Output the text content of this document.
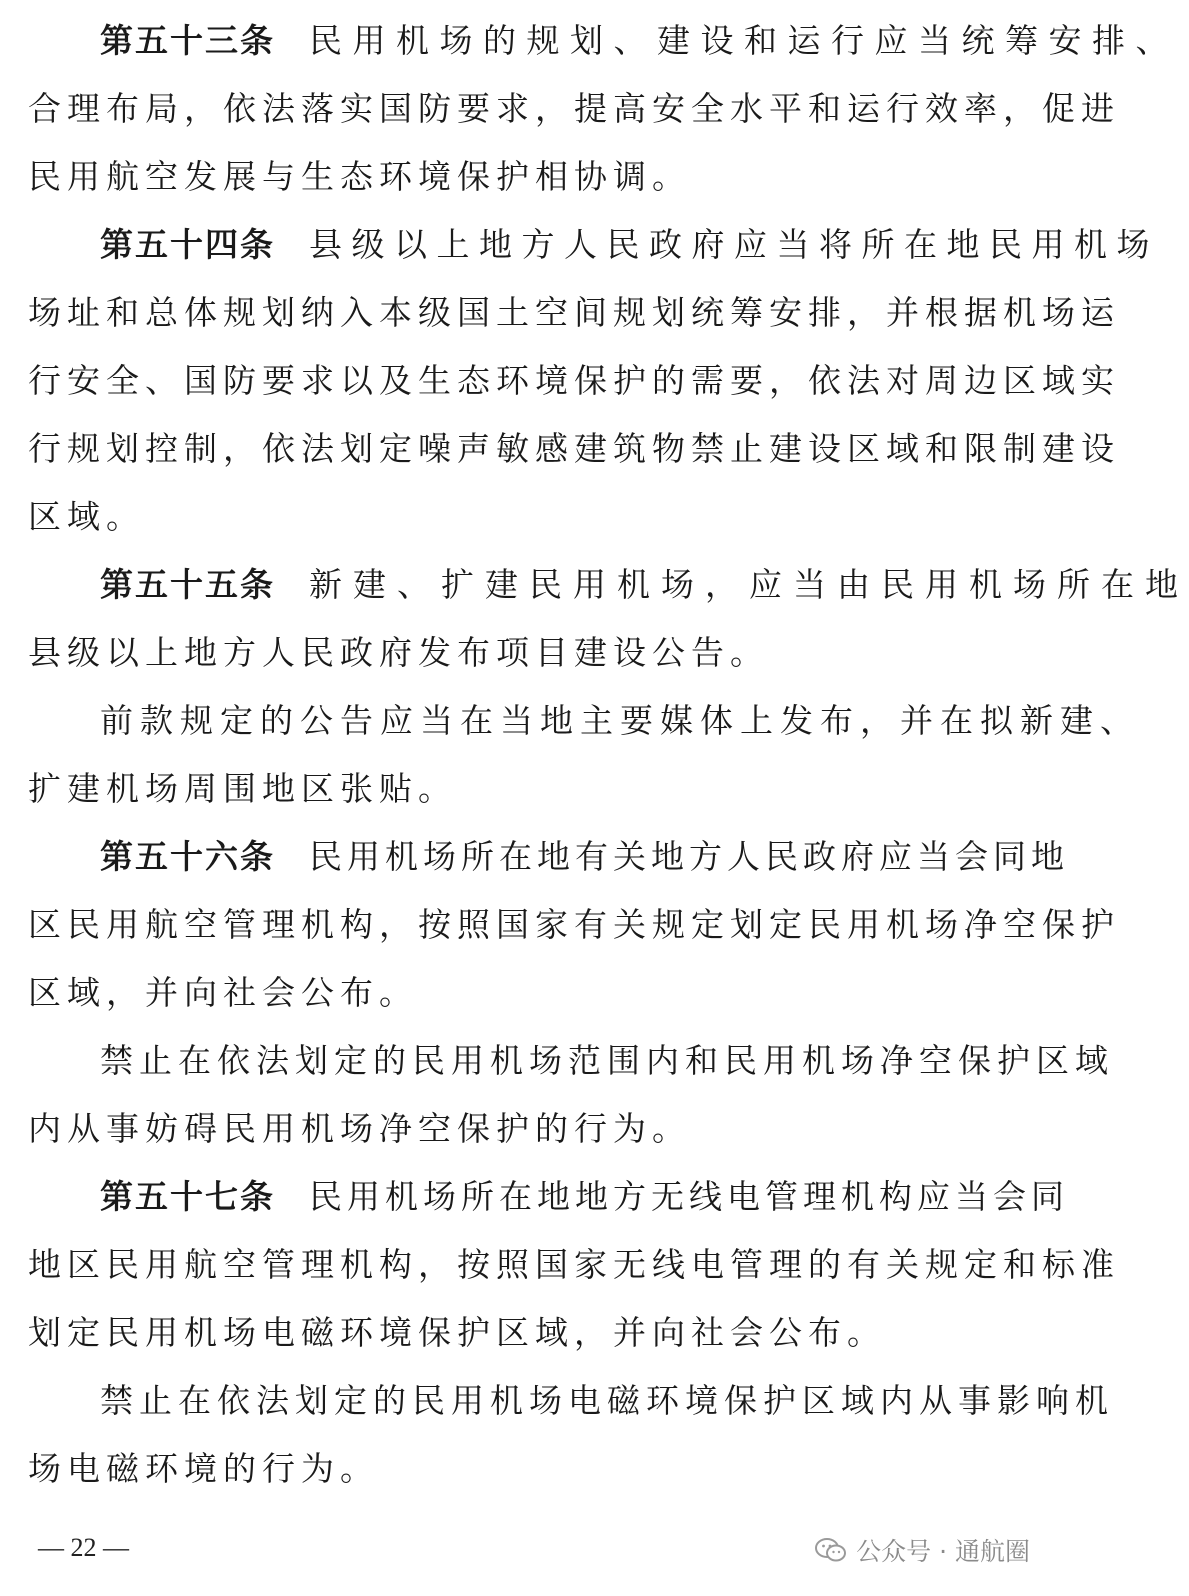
第五十三条 民用机场的规划、建设和运行应当统筹安排、
合理布局，依法落实国防要求，提高安全水平和运行效率，促进
民用航空发展与生态环境保护相协调。
第五十四条 县级以上地方人民政府应当将所在地民用机场
场址和总体规划纳入本级国土空间规划统筹安排，并根据机场运
行安全、国防要求以及生态环境保护的需要，依法对周边区域实
行规划控制，依法划定噪声敏感建筑物禁止建设区域和限制建设
区域。
第五十五条 新建、扩建民用机场，应当由民用机场所在地
县级以上地方人民政府发布项目建设公告。
前款规定的公告应当在当地主要媒体上发布，并在拟新建、
扩建机场周围地区张贴。
第五十六条 民用机场所在地有关地方人民政府应当会同地
区民用航空管理机构，按照国家有关规定划定民用机场净空保护
区域，并向社会公布。
禁止在依法划定的民用机场范围内和民用机场净空保护区域
内从事妨碍民用机场净空保护的行为。
第五十七条 民用机场所在地地方无线电管理机构应当会同
地区民用航空管理机构，按照国家无线电管理的有关规定和标准
划定民用机场电磁环境保护区域，并向社会公布。
禁止在依法划定的民用机场电磁环境保护区域内从事影响机
场电磁环境的行为。
— 22 —	公众号 · 通航圈
